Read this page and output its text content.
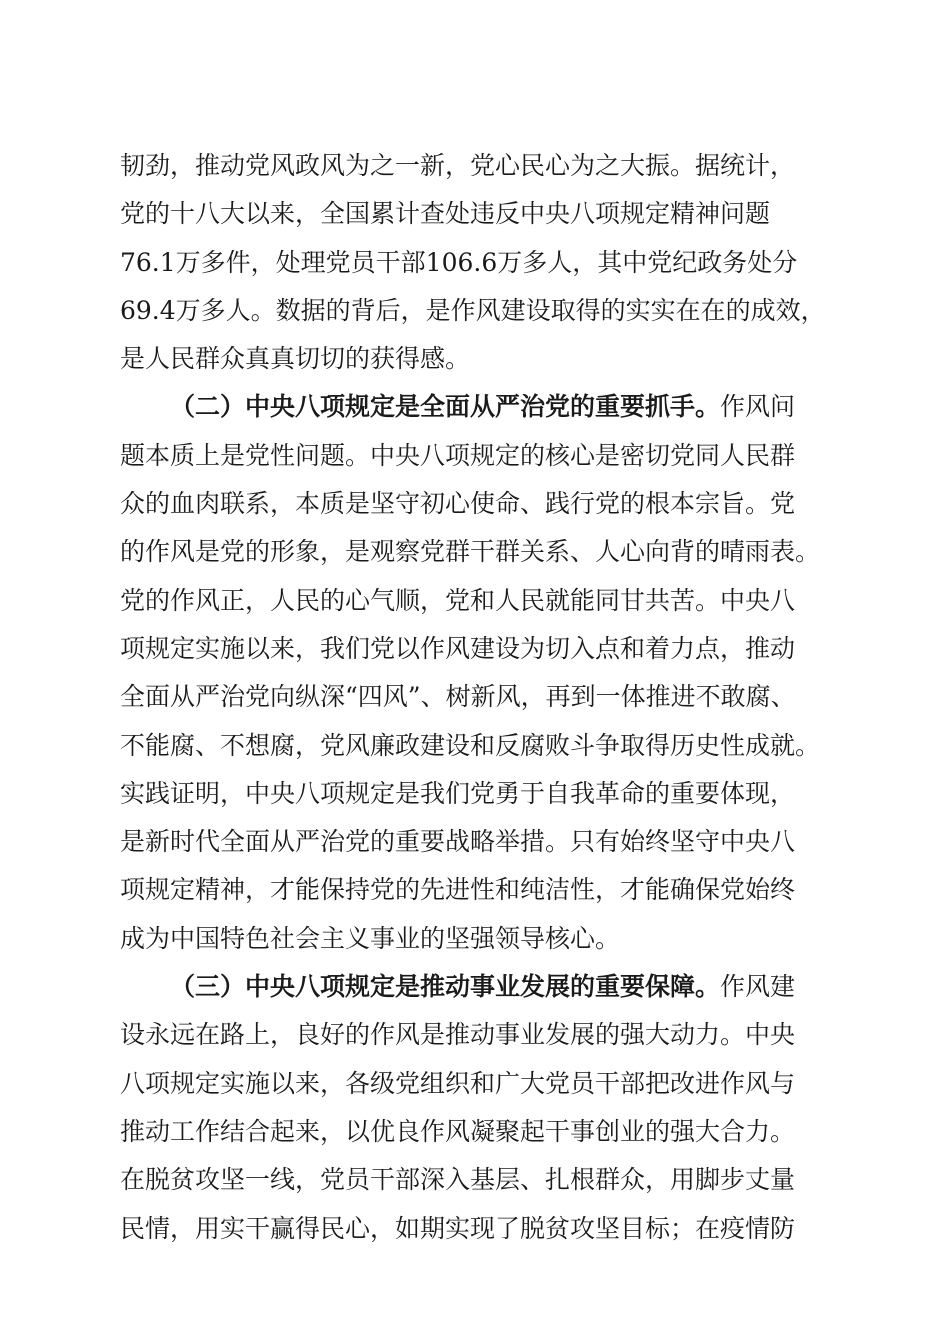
韧劲，推动党风政风为之一新，党心民心为之大振。据统计，
党的十八大以来，全国累计查处违反中央八项规定精神问题
76.1万多件，处理党员干部106.6万多人，其中党纪政务处分
69.4万多人。数据的背后，是作风建设取得的实实在在的成效，
是人民群众真真切切的获得感。
（二）中央八项规定是全面从严治党的重要抓手。作风问
题本质上是党性问题。中央八项规定的核心是密切党同人民群
众的血肉联系，本质是坚守初心使命、践行党的根本宗旨。党
的作风是党的形象，是观察党群干群关系、人心向背的晴雨表。
党的作风正，人民的心气顺，党和人民就能同甘共苦。中央八
项规定实施以来，我们党以作风建设为切入点和着力点，推动
全面从严治党向纵深“四风”、树新风，再到一体推进不敢腐、
不能腐、不想腐，党风廉政建设和反腐败斗争取得历史性成就。
实践证明，中央八项规定是我们党勇于自我革命的重要体现，
是新时代全面从严治党的重要战略举措。只有始终坚守中央八
项规定精神，才能保持党的先进性和纯洁性，才能确保党始终
成为中国特色社会主义事业的坚强领导核心。
（三）中央八项规定是推动事业发展的重要保障。作风建
设永远在路上，良好的作风是推动事业发展的强大动力。中央
八项规定实施以来，各级党组织和广大党员干部把改进作风与
推动工作结合起来，以优良作风凝聚起干事创业的强大合力。
在脱贫攻坚一线，党员干部深入基层、扎根群众，用脚步丈量
民情，用实干赢得民心，如期实现了脱贫攻坚目标；在疫情防
